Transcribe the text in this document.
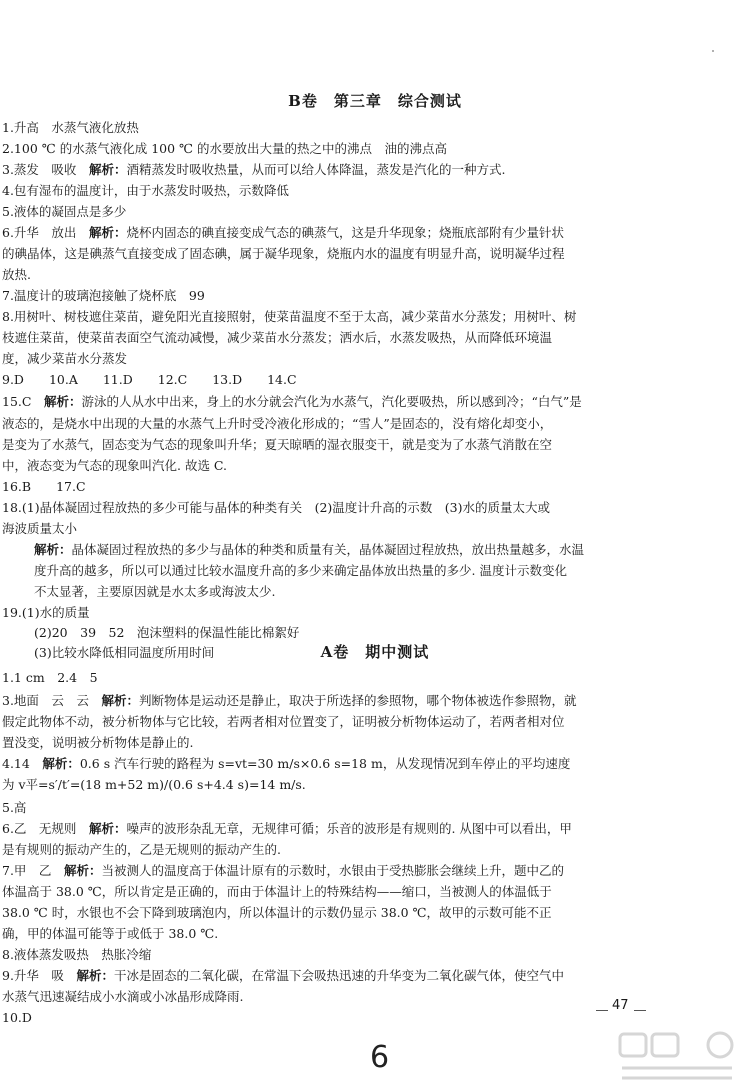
B卷　第三章　综合测试
1.升高　水蒸气液化放热
2.100 ℃ 的水蒸气液化成 100 ℃ 的水要放出大量的热之中的沸点　油的沸点高
3.蒸发　吸收　解析：酒精蒸发时吸收热量，从而可以给人体降温，蒸发是汽化的一种方式.
4.包有湿布的温度计，由于水蒸发时吸热，示数降低
5.液体的凝固点是多少
6.升华　放出　解析：烧杯内固态的碘直接变成气态的碘蒸气，这是升华现象；烧瓶底部附有少量针状
的碘晶体，这是碘蒸气直接变成了固态碘，属于凝华现象，烧瓶内水的温度有明显升高，说明凝华过程
放热.
7.温度计的玻璃泡接触了烧杯底　99
8.用树叶、树枝遮住菜苗，避免阳光直接照射，使菜苗温度不至于太高，减少菜苗水分蒸发；用树叶、树
枝遮住菜苗，使菜苗表面空气流动减慢，减少菜苗水分蒸发；洒水后，水蒸发吸热，从而降低环境温
度，减少菜苗水分蒸发
9.D　　10.A　　11.D　　12.C　　13.D　　14.C
15.C　解析：游泳的人从水中出来，身上的水分就会汽化为水蒸气，汽化要吸热，所以感到冷；“白气”是
液态的，是烧水中出现的大量的水蒸气上升时受冷液化形成的；“雪人”是固态的，没有熔化却变小，
是变为了水蒸气，固态变为气态的现象叫升华；夏天晾晒的湿衣服变干，就是变为了水蒸气消散在空
中，液态变为气态的现象叫汽化. 故选 C.
16.B　　17.C
18.(1)晶体凝固过程放热的多少可能与晶体的种类有关　(2)温度计升高的示数　(3)水的质量太大或
海波质量太小
解析：晶体凝固过程放热的多少与晶体的种类和质量有关，晶体凝固过程放热，放出热量越多，水温
度升高的越多，所以可以通过比较水温度升高的多少来确定晶体放出热量的多少. 温度计示数变化
不太显著，主要原因就是水太多或海波太少.
19.(1)水的质量
(2)20　39　52　泡沫塑料的保温性能比棉絮好
(3)比较水降低相同温度所用时间	A卷　期中测试
1.1 cm　2.4　5
3.地面　云　云　解析：判断物体是运动还是静止，取决于所选择的参照物，哪个物体被选作参照物，就
假定此物体不动，被分析物体与它比较，若两者相对位置变了，证明被分析物体运动了，若两者相对位
置没变，说明被分析物体是静止的.
4.14　解析：0.6 s 汽车行驶的路程为 s=vt=30 m/s×0.6 s=18 m，从发现情况到车停止的平均速度
为 v平=s′/t′=(18 m+52 m)/(0.6 s+4.4 s)=14 m/s.
5.高
6.乙　无规则　解析：噪声的波形杂乱无章，无规律可循；乐音的波形是有规则的. 从图中可以看出，甲
是有规则的振动产生的，乙是无规则的振动产生的.
7.甲　乙　解析：当被测人的温度高于体温计原有的示数时，水银由于受热膨胀会继续上升，题中乙的
体温高于 38.0 ℃，所以肯定是正确的，而由于体温计上的特殊结构——缩口，当被测人的体温低于
38.0 ℃ 时，水银也不会下降到玻璃泡内，所以体温计的示数仍显示 38.0 ℃，故甲的示数可能不正
确，甲的体温可能等于或低于 38.0 ℃.
8.液体蒸发吸热　热胀冷缩
9.升华　吸　解析：干冰是固态的二氧化碳，在常温下会吸热迅速的升华变为二氧化碳气体，使空气中
水蒸气迅速凝结成小水滴或小冰晶形成降雨.
10.D
47
6
